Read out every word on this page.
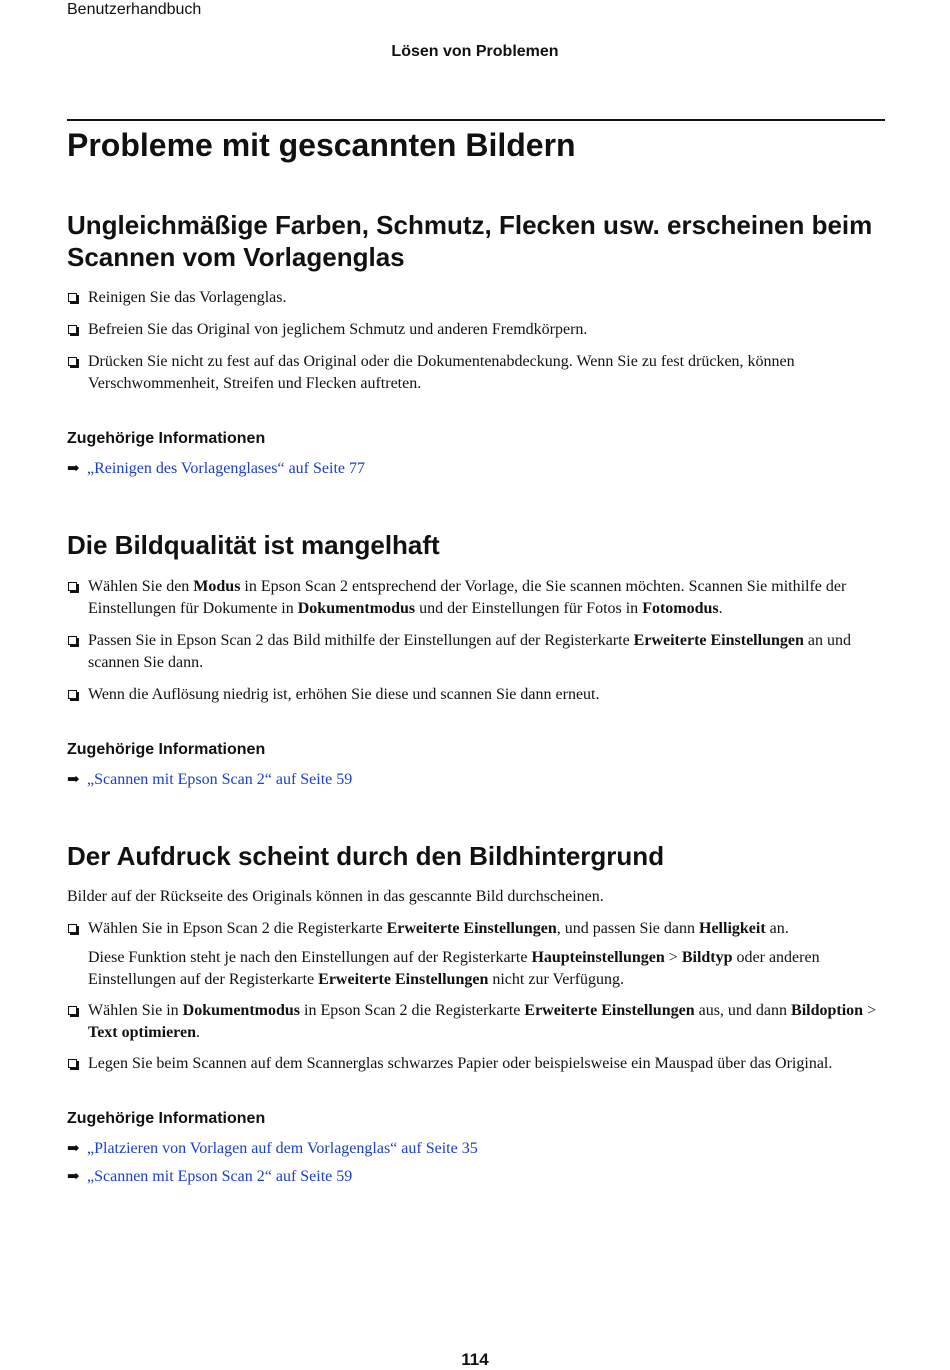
Benutzerhandbuch
Lösen von Problemen
Probleme mit gescannten Bildern
Ungleichmäßige Farben, Schmutz, Flecken usw. erscheinen beim
Scannen vom Vorlagenglas
Reinigen Sie das Vorlagenglas.
Befreien Sie das Original von jeglichem Schmutz und anderen Fremdkörpern.
Drücken Sie nicht zu fest auf das Original oder die Dokumentenabdeckung. Wenn Sie zu fest drücken, können Verschwommenheit, Streifen und Flecken auftreten.
Zugehörige Informationen
➡ „Reinigen des Vorlagenglases“ auf Seite 77
Die Bildqualität ist mangelhaft
Wählen Sie den Modus in Epson Scan 2 entsprechend der Vorlage, die Sie scannen möchten. Scannen Sie mithilfe der Einstellungen für Dokumente in Dokumentmodus und der Einstellungen für Fotos in Fotomodus.
Passen Sie in Epson Scan 2 das Bild mithilfe der Einstellungen auf der Registerkarte Erweiterte Einstellungen an und scannen Sie dann.
Wenn die Auflösung niedrig ist, erhöhen Sie diese und scannen Sie dann erneut.
Zugehörige Informationen
➡ „Scannen mit Epson Scan 2“ auf Seite 59
Der Aufdruck scheint durch den Bildhintergrund
Bilder auf der Rückseite des Originals können in das gescannte Bild durchscheinen.
Wählen Sie in Epson Scan 2 die Registerkarte Erweiterte Einstellungen, und passen Sie dann Helligkeit an.
Diese Funktion steht je nach den Einstellungen auf der Registerkarte Haupteinstellungen > Bildtyp oder anderen Einstellungen auf der Registerkarte Erweiterte Einstellungen nicht zur Verfügung.
Wählen Sie in Dokumentmodus in Epson Scan 2 die Registerkarte Erweiterte Einstellungen aus, und dann Bildoption > Text optimieren.
Legen Sie beim Scannen auf dem Scannerglas schwarzes Papier oder beispielsweise ein Mauspad über das Original.
Zugehörige Informationen
➡ „Platzieren von Vorlagen auf dem Vorlagenglas“ auf Seite 35
➡ „Scannen mit Epson Scan 2“ auf Seite 59
114
